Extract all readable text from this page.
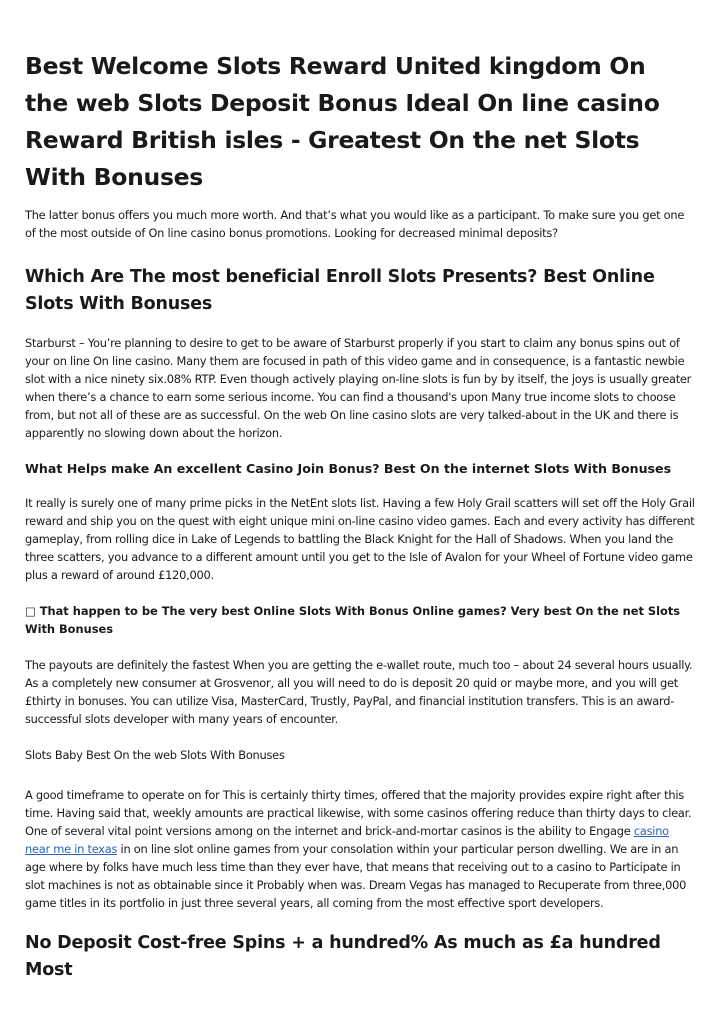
Best Welcome Slots Reward United kingdom On the web Slots Deposit Bonus Ideal On line casino Reward British isles - Greatest On the net Slots With Bonuses

The latter bonus offers you much more worth. And that’s what you would like as a participant. To make sure you get one of the most outside of On line casino bonus promotions. Looking for decreased minimal deposits?

Which Are The most beneficial Enroll Slots Presents? Best Online Slots With Bonuses

Starburst – You’re planning to desire to get to be aware of Starburst properly if you start to claim any bonus spins out of your on line On line casino. Many them are focused in path of this video game and in consequence, is a fantastic newbie slot with a nice ninety six.08% RTP. Even though actively playing on-line slots is fun by by itself, the joys is usually greater when there’s a chance to earn some serious income. You can find a thousand's upon Many true income slots to choose from, but not all of these are as successful. On the web On line casino slots are very talked-about in the UK and there is apparently no slowing down about the horizon.

What Helps make An excellent Casino Join Bonus? Best On the internet Slots With Bonuses

It really is surely one of many prime picks in the NetEnt slots list. Having a few Holy Grail scatters will set off the Holy Grail reward and ship you on the quest with eight unique mini on-line casino video games. Each and every activity has different gameplay, from rolling dice in Lake of Legends to battling the Black Knight for the Hall of Shadows. When you land the three scatters, you advance to a different amount until you get to the Isle of Avalon for your Wheel of Fortune video game plus a reward of around £120,000.

□ That happen to be The very best Online Slots With Bonus Online games? Very best On the net Slots With Bonuses

The payouts are definitely the fastest When you are getting the e-wallet route, much too – about 24 several hours usually. As a completely new consumer at Grosvenor, all you will need to do is deposit 20 quid or maybe more, and you will get £thirty in bonuses. You can utilize Visa, MasterCard, Trustly, PayPal, and financial institution transfers. This is an award-successful slots developer with many years of encounter.

Slots Baby Best On the web Slots With Bonuses

A good timeframe to operate on for This is certainly thirty times, offered that the majority provides expire right after this time. Having said that, weekly amounts are practical likewise, with some casinos offering reduce than thirty days to clear. One of several vital point versions among on the internet and brick-and-mortar casinos is the ability to Engage casino near me in texas in on line slot online games from your consolation within your particular person dwelling. We are in an age where by folks have much less time than they ever have, that means that receiving out to a casino to Participate in slot machines is not as obtainable since it Probably when was. Dream Vegas has managed to Recuperate from three,000 game titles in its portfolio in just three several years, all coming from the most effective sport developers.

No Deposit Cost-free Spins + a hundred% As much as £a hundred Most
